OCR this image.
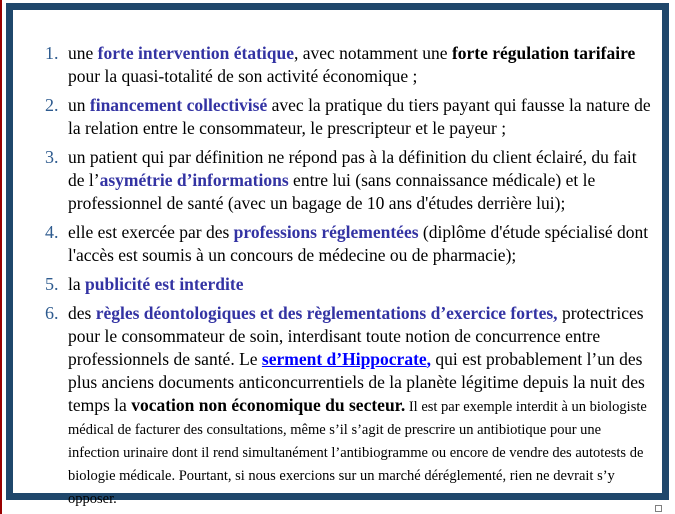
1. une forte intervention étatique, avec notamment une forte régulation tarifaire pour la quasi-totalité de son activité économique ;
2. un financement collectivisé avec la pratique du tiers payant qui fausse la nature de la relation entre le consommateur, le prescripteur et le payeur ;
3. un patient qui par définition ne répond pas à la définition du client éclairé, du fait de l’asymétrie d’informations entre lui (sans connaissance médicale) et le professionnel de santé (avec un bagage de 10 ans d'études derrière lui);
4. elle est exercée par des professions réglementées (diplôme d'étude spécialisé dont l'accès est soumis à un concours de médecine ou de pharmacie);
5. la publicité est interdite
6. des règles déontologiques et des règlementations d’exercice fortes, protectrices pour le consommateur de soin, interdisant toute notion de concurrence entre professionnels de santé. Le serment d’Hippocrate, qui est probablement l’un des plus anciens documents anticoncurrentiels de la planète légitime depuis la nuit des temps la vocation non économique du secteur. Il est par exemple interdit à un biologiste médical de facturer des consultations, même s’il s’agit de prescrire un antibiotique pour une infection urinaire dont il rend simultanément l’antibiogramme ou encore de vendre des autotests de biologie médicale. Pourtant, si nous exercions sur un marché déréglementé, rien ne devrait s’y opposer.
